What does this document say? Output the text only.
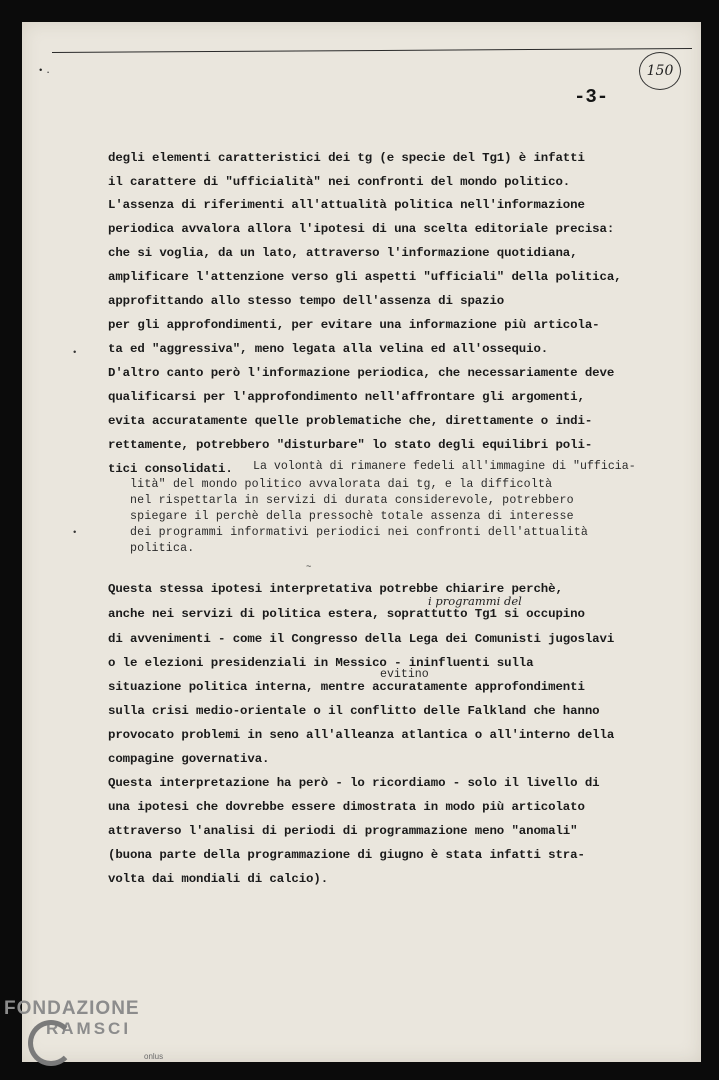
•.	150
-3-
degli elementi caratteristici dei tg (e specie del Tg1) è infatti
il carattere di "ufficialità" nei confronti del mondo politico.
L'assenza di riferimenti all'attualità politica nell'informazione
periodica avvalora allora l'ipotesi di una scelta editoriale precisa:
che si voglia, da un lato, attraverso l'informazione quotidiana,
amplificare l'attenzione verso gli aspetti "ufficiali" della politica,
approfittando allo stesso tempo dell'assenza di spazio
per gli approfondimenti, per evitare una informazione più articola-
ta ed "aggressiva", meno legata alla velina ed all'ossequio.
D'altro canto però l'informazione periodica, che necessariamente deve
qualificarsi per l'approfondimento nell'affrontare gli argomenti,
evita accuratamente quelle problematiche che, direttamente o indi-
rettamente, potrebbero "disturbare" lo stato degli equilibri poli-
tici consolidati. La volontà di rimanere fedeli all'immagine di "ufficia-
lità" del mondo politico avvalorata dai tg, e la difficoltà
nel rispettarla in servizi di durata considerevole, potrebbero
spiegare il perchè della pressochè totale assenza di interesse
dei programmi informativi periodici nei confronti dell'attualità
politica.
•
•
~
Questa stessa ipotesi interpretativa potrebbe chiarire perchè,
i programmi del
anche nei servizi di politica estera, soprattutto Tg1 si occupino
di avvenimenti - come il Congresso della Lega dei Comunisti jugoslavi
o le elezioni presidenziali in Messico - ininfluenti sulla
evitino
situazione politica interna, mentre accuratamente approfondimenti
sulla crisi medio-orientale o il conflitto delle Falkland che hanno
provocato problemi in seno all'alleanza atlantica o all'interno della
compagine governativa.
Questa interpretazione ha però - lo ricordiamo - solo il livello di
una ipotesi che dovrebbe essere dimostrata in modo più articolato
attraverso l'analisi di periodi di programmazione meno "anomali"
(buona parte della programmazione di giugno è stata infatti stra-
volta dai mondiali di calcio).
FONDAZIONE
RAMSCI
onlus
